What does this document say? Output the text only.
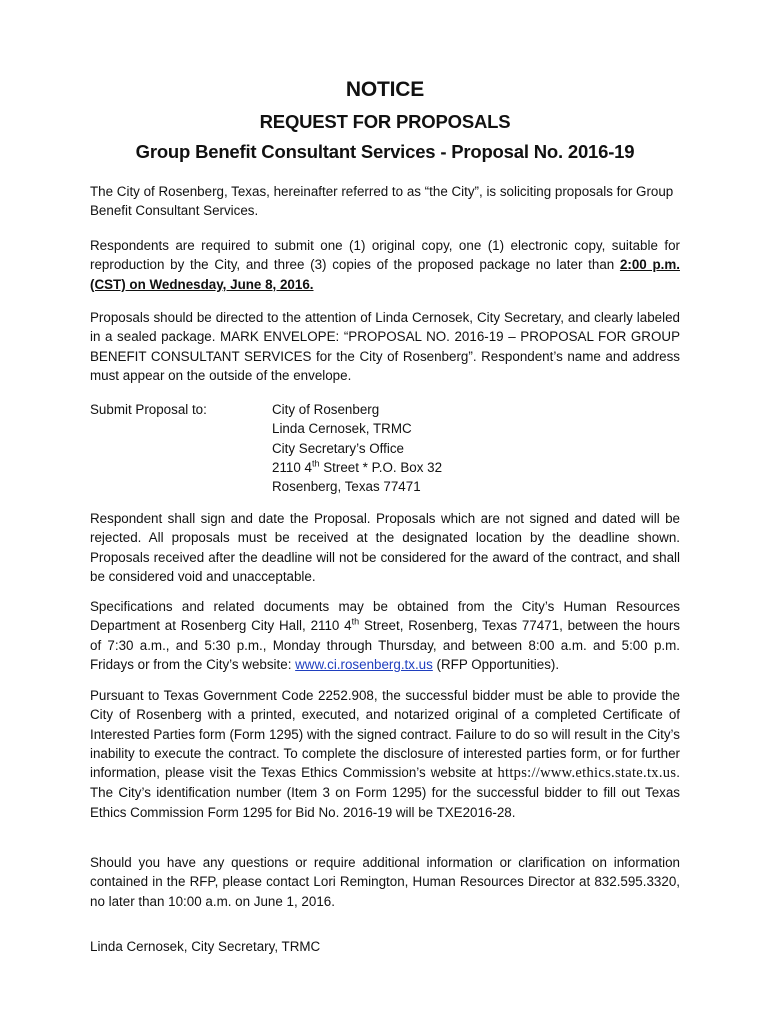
NOTICE
REQUEST FOR PROPOSALS
Group Benefit Consultant Services - Proposal No. 2016-19

The City of Rosenberg, Texas, hereinafter referred to as “the City”, is soliciting proposals for Group Benefit Consultant Services.

Respondents are required to submit one (1) original copy, one (1) electronic copy, suitable for reproduction by the City, and three (3) copies of the proposed package no later than 2:00 p.m. (CST) on Wednesday, June 8, 2016.

Proposals should be directed to the attention of Linda Cernosek, City Secretary, and clearly labeled in a sealed package. MARK ENVELOPE: “PROPOSAL NO. 2016-19 – PROPOSAL FOR GROUP BENEFIT CONSULTANT SERVICES for the City of Rosenberg”. Respondent’s name and address must appear on the outside of the envelope.

Submit Proposal to:	City of Rosenberg
Linda Cernosek, TRMC
City Secretary’s Office
2110 4th Street * P.O. Box 32
Rosenberg, Texas 77471

Respondent shall sign and date the Proposal. Proposals which are not signed and dated will be rejected. All proposals must be received at the designated location by the deadline shown. Proposals received after the deadline will not be considered for the award of the contract, and shall be considered void and unacceptable.

Specifications and related documents may be obtained from the City’s Human Resources Department at Rosenberg City Hall, 2110 4th Street, Rosenberg, Texas 77471, between the hours of 7:30 a.m., and 5:30 p.m., Monday through Thursday, and between 8:00 a.m. and 5:00 p.m. Fridays or from the City’s website: www.ci.rosenberg.tx.us (RFP Opportunities).

Pursuant to Texas Government Code 2252.908, the successful bidder must be able to provide the City of Rosenberg with a printed, executed, and notarized original of a completed Certificate of Interested Parties form (Form 1295) with the signed contract. Failure to do so will result in the City’s inability to execute the contract. To complete the disclosure of interested parties form, or for further information, please visit the Texas Ethics Commission’s website at https://www.ethics.state.tx.us. The City’s identification number (Item 3 on Form 1295) for the successful bidder to fill out Texas Ethics Commission Form 1295 for Bid No. 2016-19 will be TXE2016-28.

Should you have any questions or require additional information or clarification on information contained in the RFP, please contact Lori Remington, Human Resources Director at 832.595.3320, no later than 10:00 a.m. on June 1, 2016.

Linda Cernosek, City Secretary, TRMC
